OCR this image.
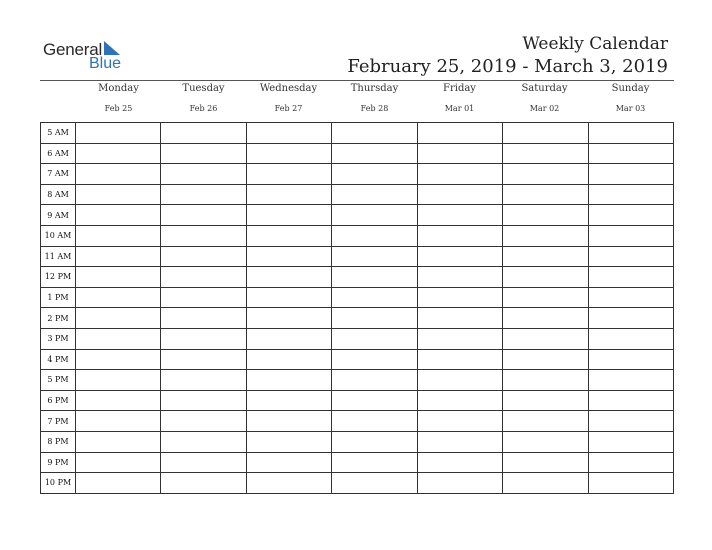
General
Blue
Weekly Calendar
February 25, 2019 - March 3, 2019
Monday	Tuesday	Wednesday	Thursday	Friday	Saturday	Sunday
Feb 25	Feb 26	Feb 27	Feb 28	Mar 01	Mar 02	Mar 03
5 AM							
6 AM							
7 AM							
8 AM							
9 AM							
10 AM							
11 AM							
12 PM							
1 PM							
2 PM							
3 PM							
4 PM							
5 PM							
6 PM							
7 PM							
8 PM							
9 PM							
10 PM							
